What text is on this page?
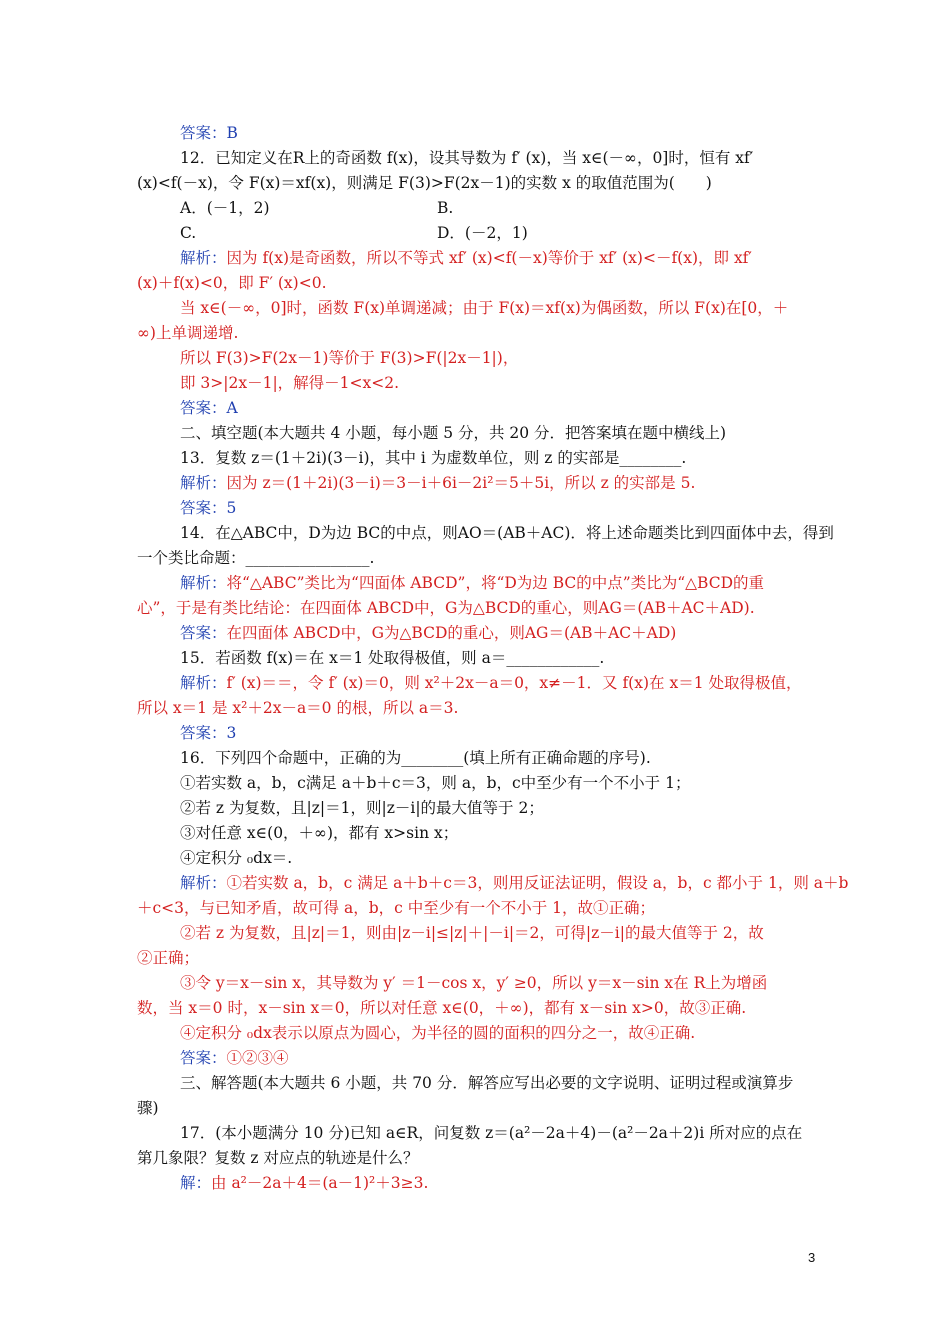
答案：B
12．已知定义在R上的奇函数 f(x)，设其导数为 f′ (x)，当 x∈(－∞，0]时，恒有 xf′
(x)<f(－x)，令 F(x)＝xf(x)，则满足 F(3)>F(2x－1)的实数 x 的取值范围为(　　)
A．(－1，2)	B.
C.	D．(－2，1)
解析：因为 f(x)是奇函数，所以不等式 xf′ (x)<f(－x)等价于 xf′ (x)<－f(x)，即 xf′
(x)＋f(x)<0，即 F′ (x)<0.
当 x∈(－∞，0]时，函数 F(x)单调递减；由于 F(x)＝xf(x)为偶函数，所以 F(x)在[0，＋
∞)上单调递增.
所以 F(3)>F(2x－1)等价于 F(3)>F(|2x－1|)，
即 3>|2x－1|，解得－1<x<2.
答案：A
二、填空题(本大题共 4 小题，每小题 5 分，共 20 分．把答案填在题中横线上)
13．复数 z＝(1＋2i)(3－i)，其中 i 为虚数单位，则 z 的实部是________.
解析：因为 z＝(1＋2i)(3－i)＝3－i＋6i－2i²＝5＋5i，所以 z 的实部是 5.
答案：5
14．在△ABC中，D为边 BC的中点，则AO＝(AB＋AC)．将上述命题类比到四面体中去，得到
一个类比命题：________________.
解析：将“△ABC”类比为“四面体 ABCD”，将“D为边 BC的中点”类比为“△BCD的重
心”，于是有类比结论：在四面体 ABCD中，G为△BCD的重心，则AG＝(AB＋AC＋AD).
答案：在四面体 ABCD中，G为△BCD的重心，则AG＝(AB＋AC＋AD)
15．若函数 f(x)＝在 x＝1 处取得极值，则 a＝____________.
解析：f′ (x)＝＝，令 f′ (x)＝0，则 x²＋2x－a＝0，x≠－1．又 f(x)在 x＝1 处取得极值，
所以 x＝1 是 x²＋2x－a＝0 的根，所以 a＝3.
答案：3
16．下列四个命题中，正确的为________(填上所有正确命题的序号).
①若实数 a，b，c满足 a＋b＋c＝3，则 a，b，c中至少有一个不小于 1；
②若 z 为复数，且|z|＝1，则|z－i|的最大值等于 2；
③对任意 x∈(0，＋∞)，都有 x>sin x；
④定积分 ₀dx＝.
解析：①若实数 a，b，c 满足 a＋b＋c＝3，则用反证法证明，假设 a，b，c 都小于 1，则 a＋b
＋c<3，与已知矛盾，故可得 a，b，c 中至少有一个不小于 1，故①正确；
②若 z 为复数，且|z|＝1，则由|z－i|≤|z|＋|－i|＝2，可得|z－i|的最大值等于 2，故
②正确；
③令 y＝x－sin x，其导数为 y′ ＝1－cos x，y′ ≥0，所以 y＝x－sin x在 R上为增函
数，当 x＝0 时，x－sin x＝0，所以对任意 x∈(0，＋∞)，都有 x－sin x>0，故③正确.
④定积分 ₀dx表示以原点为圆心，为半径的圆的面积的四分之一，故④正确.
答案：①②③④
三、解答题(本大题共 6 小题，共 70 分．解答应写出必要的文字说明、证明过程或演算步
骤)
17．(本小题满分 10 分)已知 a∈R，问复数 z＝(a²－2a＋4)－(a²－2a＋2)i 所对应的点在
第几象限？复数 z 对应点的轨迹是什么？
解：由 a²－2a＋4＝(a－1)²＋3≥3.
3
